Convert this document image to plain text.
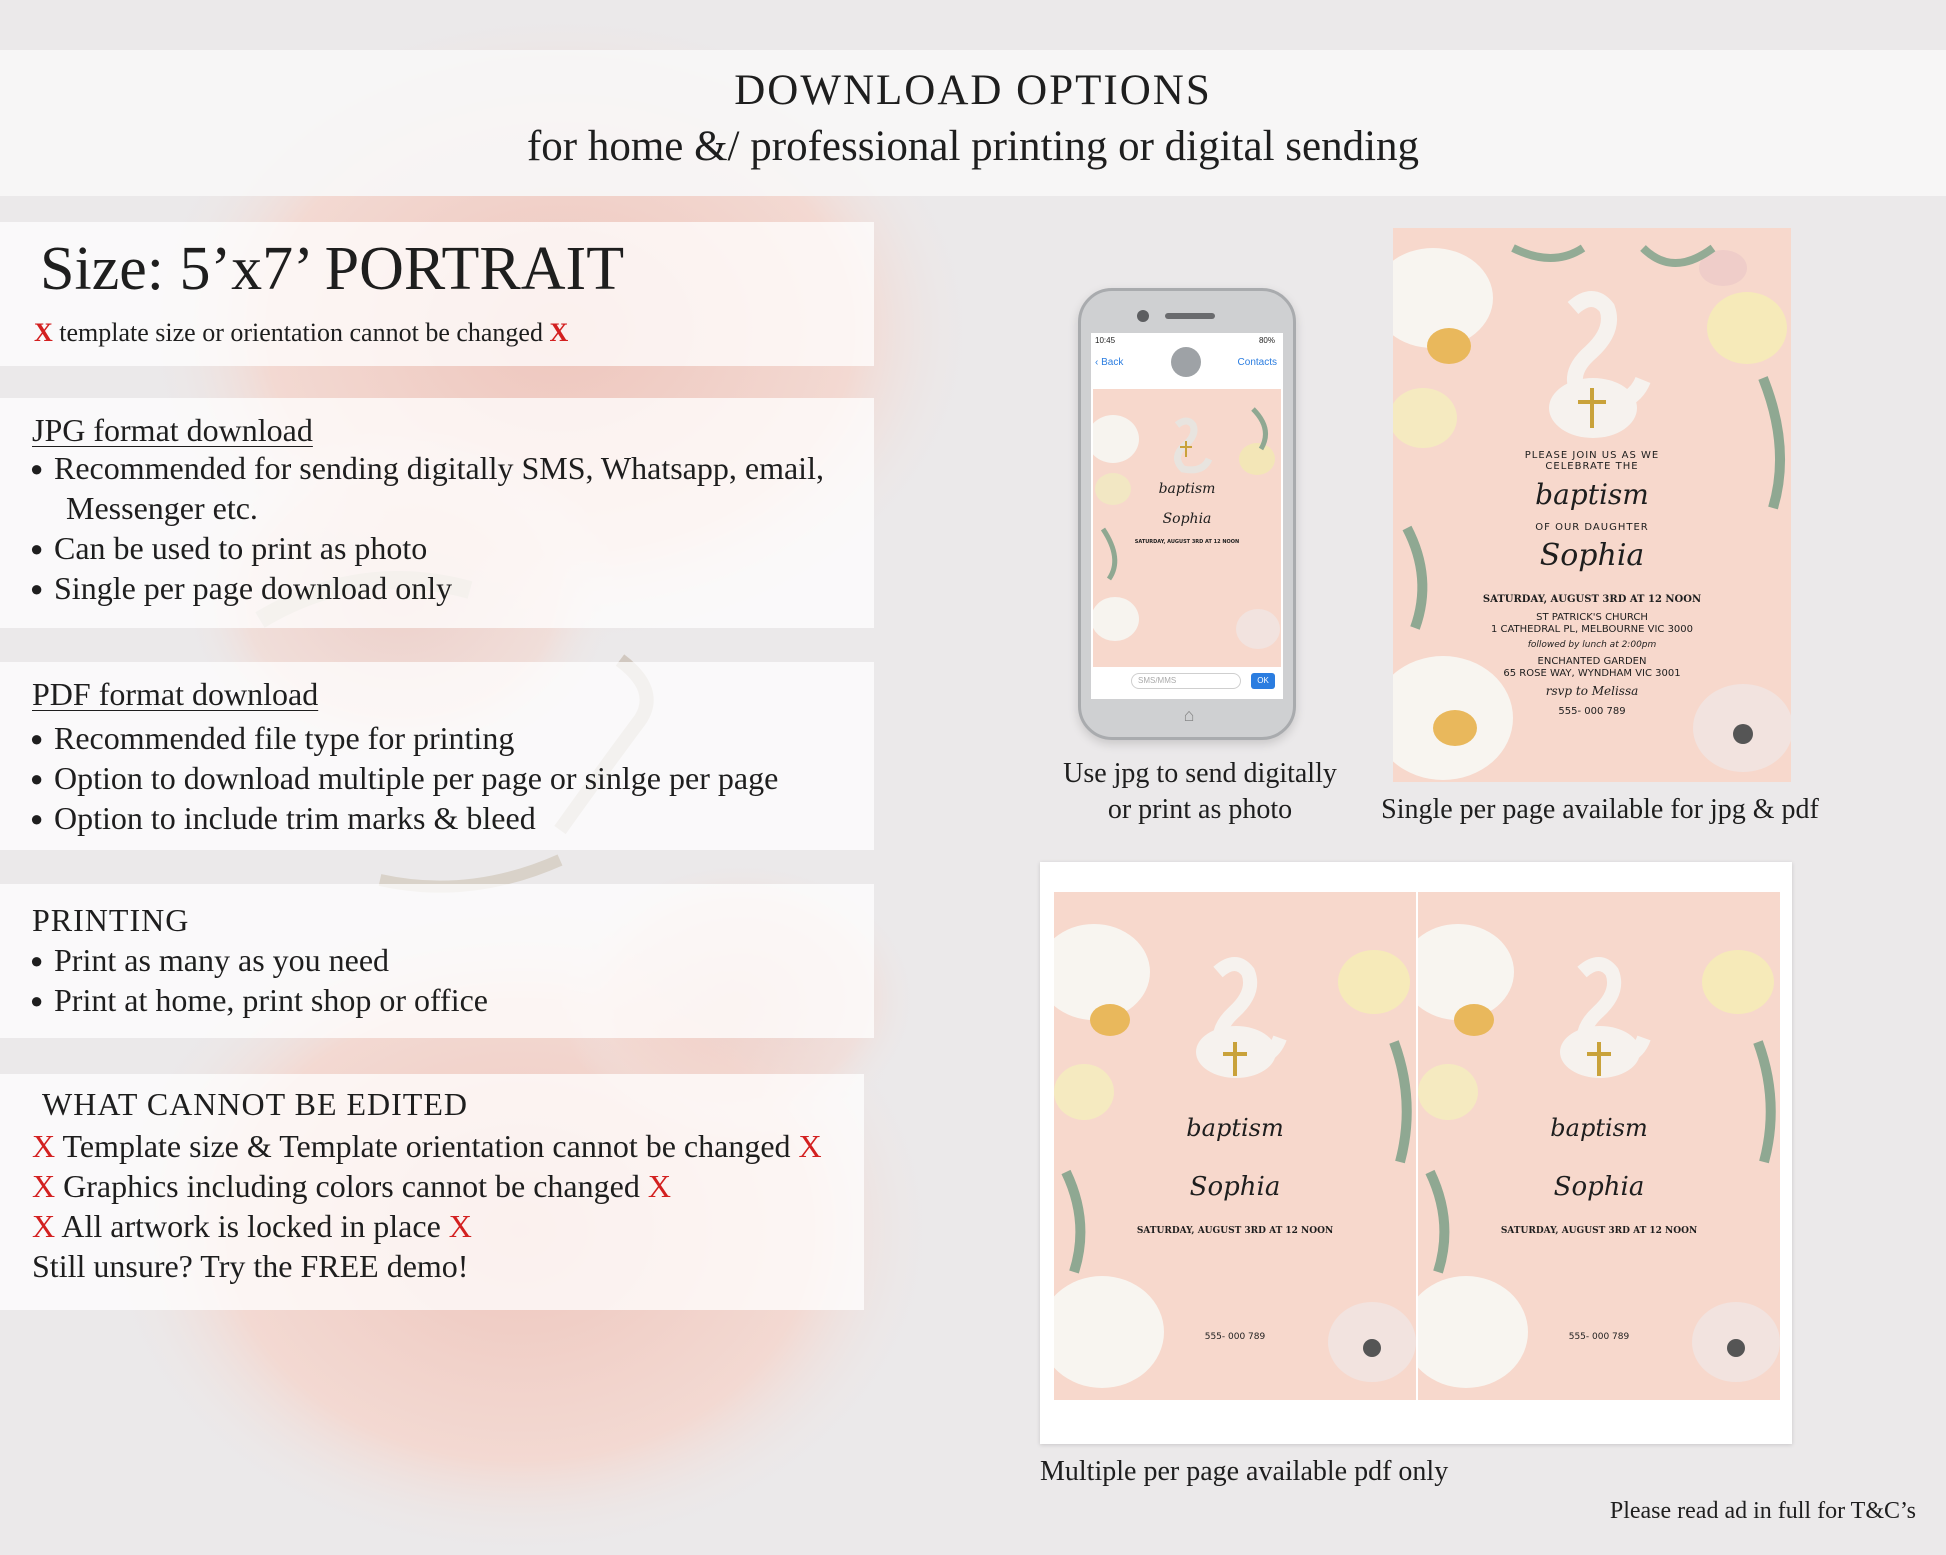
DOWNLOAD OPTIONS
for home &/ professional printing or digital sending
Size: 5’x7’ PORTRAIT
X template size or orientation cannot be changed X
JPG format download
● Recommended for sending digitally SMS, Whatsapp, email,
Messenger etc.
● Can be used to print as photo
● Single per page download only
PDF format download
● Recommended file type for printing
● Option to download multiple per page or sinlge per page
● Option to include trim marks & bleed
PRINTING
● Print as many as you need
● Print at home, print shop or office
WHAT CANNOT BE EDITED
X Template size & Template orientation cannot be changed X
X Graphics including colors cannot be changed X
X All artwork is locked in place X
Still unsure? Try the FREE demo!
10:45	80%
‹ Back	Contacts
baptism
Sophia
SATURDAY, AUGUST 3RD AT 12 NOON
SMS/MMS	OK
⌂
Use jpg to send digitally
or print as photo
PLEASE JOIN US AS WE CELEBRATE THE
baptism
OF OUR DAUGHTER
Sophia
SATURDAY, AUGUST 3RD AT 12 NOON
ST PATRICK'S CHURCH
1 CATHEDRAL PL, MELBOURNE VIC 3000
followed by lunch at 2:00pm
ENCHANTED GARDEN
65 ROSE WAY, WYNDHAM VIC 3001
rsvp to Melissa
555- 000 789
Single per page available for jpg & pdf
baptism
Sophia
SATURDAY, AUGUST 3RD AT 12 NOON
555- 000 789
baptism
Sophia
SATURDAY, AUGUST 3RD AT 12 NOON
555- 000 789
Multiple per page available pdf only
Please read ad in full for T&C’s
